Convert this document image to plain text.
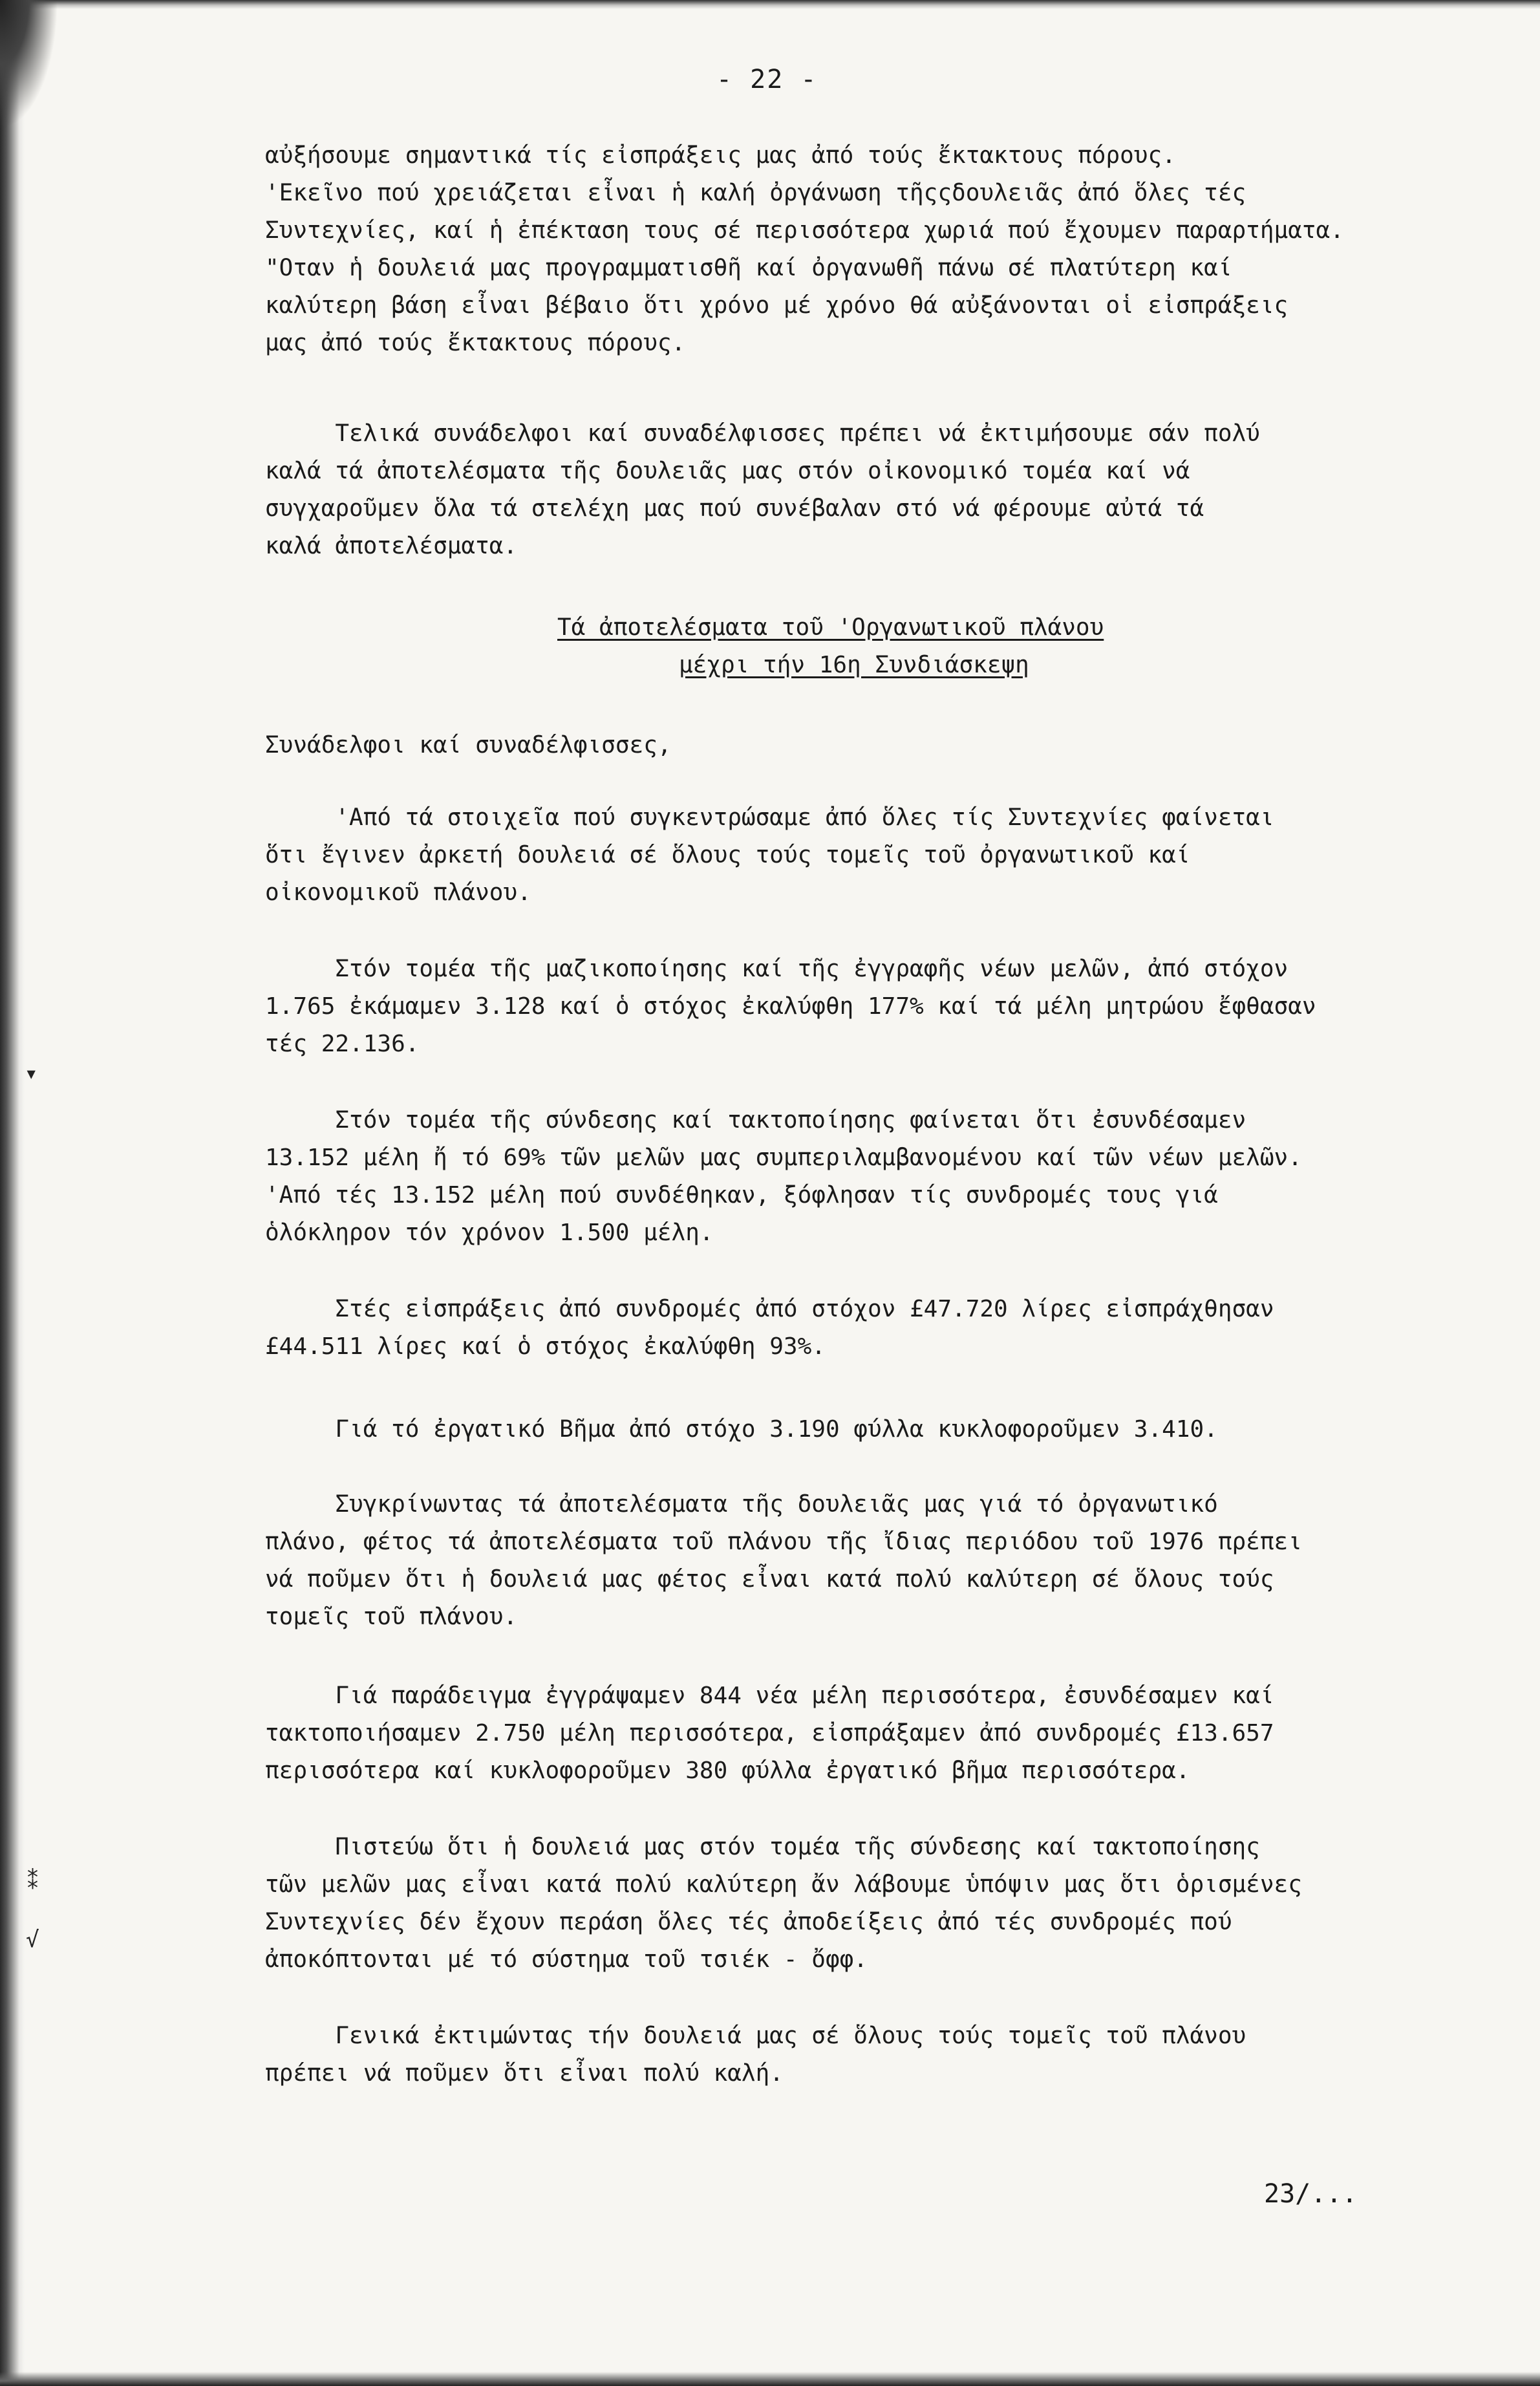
- 22 -
αὐξήσουμε σημαντικά τίς εἰσπράξεις μας ἀπό τούς ἔκτακτους πόρους.
'Εκεῖνο πού χρειάζεται εἶναι ἡ καλή ὀργάνωση τῆςςδουλειᾶς ἀπό ὅλες τές
Συντεχνίες, καί ἡ ἐπέκταση τους σέ περισσότερα χωριά πού ἔχουμεν παραρτήματα.
"Οταν ἡ δουλειά μας προγραμματισθῆ καί ὀργανωθῆ πάνω σέ πλατύτερη καί
καλύτερη βάση εἶναι βέβαιο ὅτι χρόνο μέ χρόνο θά αὐξάνονται οἱ εἰσπράξεις
μας ἀπό τούς ἔκτακτους πόρους.
Τελικά συνάδελφοι καί συναδέλφισσες πρέπει νά ἐκτιμήσουμε σάν πολύ
καλά τά ἀποτελέσματα τῆς δουλειᾶς μας στόν οἰκονομικό τομέα καί νά
συγχαροῦμεν ὅλα τά στελέχη μας πού συνέβαλαν στό νά φέρουμε αὐτά τά
καλά ἀποτελέσματα.
Τά ἀποτελέσματα τοῦ 'Οργανωτικοῦ πλάνου
μέχρι τήν 16η Συνδιάσκεψη
Συνάδελφοι καί συναδέλφισσες,
'Από τά στοιχεῖα πού συγκεντρώσαμε ἀπό ὅλες τίς Συντεχνίες φαίνεται
ὅτι ἔγινεν ἀρκετή δουλειά σέ ὅλους τούς τομεῖς τοῦ ὀργανωτικοῦ καί
οἰκονομικοῦ πλάνου.
Στόν τομέα τῆς μαζικοποίησης καί τῆς ἐγγραφῆς νέων μελῶν, ἀπό στόχον
1.765 ἐκάμαμεν 3.128 καί ὁ στόχος ἐκαλύφθη 177% καί τά μέλη μητρώου ἔφθασαν
τές 22.136.
Στόν τομέα τῆς σύνδεσης καί τακτοποίησης φαίνεται ὅτι ἐσυνδέσαμεν
13.152 μέλη ἤ τό 69% τῶν μελῶν μας συμπεριλαμβανομένου καί τῶν νέων μελῶν.
'Από τές 13.152 μέλη πού συνδέθηκαν, ξόφλησαν τίς συνδρομές τους γιά
ὁλόκληρον τόν χρόνον 1.500 μέλη.
Στές εἰσπράξεις ἀπό συνδρομές ἀπό στόχον £47.720 λίρες εἰσπράχθησαν
£44.511 λίρες καί ὁ στόχος ἐκαλύφθη 93%.
Γιά τό ἐργατικό Βῆμα ἀπό στόχο 3.190 φύλλα κυκλοφοροῦμεν 3.410.
Συγκρίνωντας τά ἀποτελέσματα τῆς δουλειᾶς μας γιά τό ὀργανωτικό
πλάνο, φέτος τά ἀποτελέσματα τοῦ πλάνου τῆς ἴδιας περιόδου τοῦ 1976 πρέπει
νά ποῦμεν ὅτι ἡ δουλειά μας φέτος εἶναι κατά πολύ καλύτερη σέ ὅλους τούς
τομεῖς τοῦ πλάνου.
Γιά παράδειγμα ἐγγράψαμεν 844 νέα μέλη περισσότερα, ἐσυνδέσαμεν καί
τακτοποιήσαμεν 2.750 μέλη περισσότερα, εἰσπράξαμεν ἀπό συνδρομές £13.657
περισσότερα καί κυκλοφοροῦμεν 380 φύλλα ἐργατικό βῆμα περισσότερα.
Πιστεύω ὅτι ἡ δουλειά μας στόν τομέα τῆς σύνδεσης καί τακτοποίησης
τῶν μελῶν μας εἶναι κατά πολύ καλύτερη ἄν λάβουμε ὑπόψιν μας ὅτι ὁρισμένες
Συντεχνίες δέν ἔχουν περάση ὅλες τές ἀποδείξεις ἀπό τές συνδρομές πού
ἀποκόπτονται μέ τό σύστημα τοῦ τσιέκ - ὄφφ.
Γενικά ἐκτιμώντας τήν δουλειά μας σέ ὅλους τούς τομεῖς τοῦ πλάνου
πρέπει νά ποῦμεν ὅτι εἶναι πολύ καλή.
23/...
▾
⁑
√
